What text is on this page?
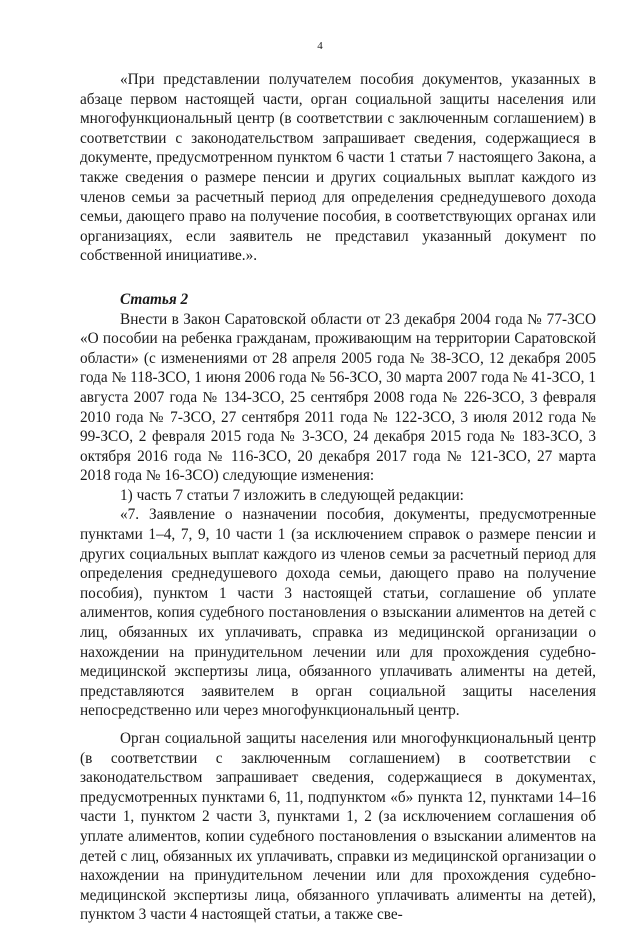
4

«При представлении получателем пособия документов, указанных в абзаце первом настоящей части, орган социальной защиты населения или многофункциональный центр (в соответствии с заключенным соглашением) в соответствии с законодательством запрашивает сведения, содержащиеся в документе, предусмотренном пунктом 6 части 1 статьи 7 настоящего Закона, а также сведения о размере пенсии и других социальных выплат каждого из членов семьи за расчетный период для определения среднедушевого дохода семьи, дающего право на получение пособия, в соответствующих органах или организациях, если заявитель не представил указанный документ по собственной инициативе.».

Статья 2

Внести в Закон Саратовской области от 23 декабря 2004 года № 77-ЗСО «О пособии на ребенка гражданам, проживающим на территории Саратовской области» (с изменениями от 28 апреля 2005 года № 38-ЗСО, 12 декабря 2005 года № 118-ЗСО, 1 июня 2006 года № 56-ЗСО, 30 марта 2007 года № 41-ЗСО, 1 августа 2007 года № 134-ЗСО, 25 сентября 2008 года № 226-ЗСО, 3 февраля 2010 года № 7-ЗСО, 27 сентября 2011 года № 122-ЗСО, 3 июля 2012 года № 99-ЗСО, 2 февраля 2015 года № 3-ЗСО, 24 декабря 2015 года № 183-ЗСО, 3 октября 2016 года № 116-ЗСО, 20 декабря 2017 года № 121-ЗСО, 27 марта 2018 года № 16-ЗСО) следующие изменения:

1) часть 7 статьи 7 изложить в следующей редакции:

«7. Заявление о назначении пособия, документы, предусмотренные пунктами 1–4, 7, 9, 10 части 1 (за исключением справок о размере пенсии и других социальных выплат каждого из членов семьи за расчетный период для определения среднедушевого дохода семьи, дающего право на получение пособия), пунктом 1 части 3 настоящей статьи, соглашение об уплате алиментов, копия судебного постановления о взыскании алиментов на детей с лиц, обязанных их уплачивать, справка из медицинской организации о нахождении на принудительном лечении или для прохождения судебно-медицинской экспертизы лица, обязанного уплачивать алименты на детей, представляются заявителем в орган социальной защиты населения непосредственно или через многофункциональный центр.

Орган социальной защиты населения или многофункциональный центр (в соответствии с заключенным соглашением) в соответствии с законодательством запрашивает сведения, содержащиеся в документах, предусмотренных пунктами 6, 11, подпунктом «б» пункта 12, пунктами 14–16 части 1, пунктом 2 части 3, пунктами 1, 2 (за исключением соглашения об уплате алиментов, копии судебного постановления о взыскании алиментов на детей с лиц, обязанных их уплачивать, справки из медицинской организации о нахождении на принудительном лечении или для прохождения судебно-медицинской экспертизы лица, обязанного уплачивать алименты на детей), пунктом 3 части 4 настоящей статьи, а также све-
